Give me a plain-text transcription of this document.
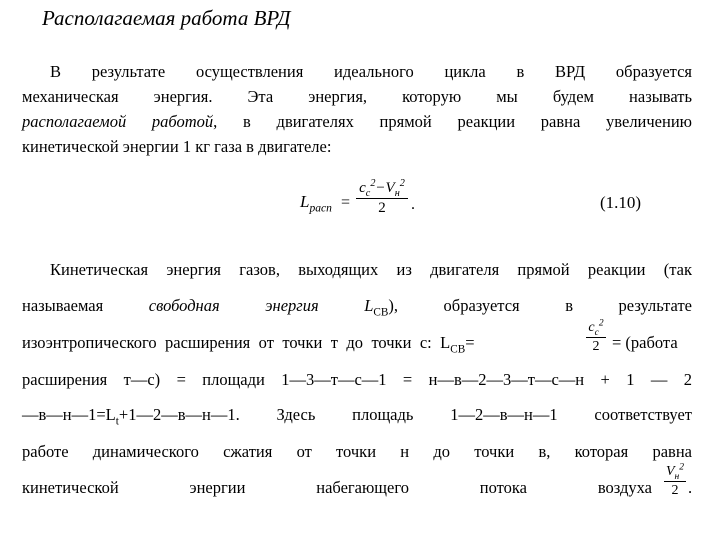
Располагаемая работа ВРД
В результате осуществления идеального цикла в ВРД образуется
механическая энергия. Эта энергия, которую мы будем называть
располагаемой работой, в двигателях прямой реакции равна увеличению
кинетической энергии 1 кг газа в двигателе:
$L_{расп}$ =
$c_c^2-V_н^2$
2	.	(1.10)
Кинетическая энергия газов, выходящих из двигателя прямой реакции (так
называемая	свободная	энергия	$L_{СВ}$),	образуется	в	результате
изоэнтропического расширения от точки т до точки с: $L_{СВ}=$
$c_c^2$
2 = (работа
расширения т—с) = площади 1—3—т—с—1 = н—в—2—3—т—с—н + 1 — 2
$—в—н—1=L_t+1—2—в—н—1$. Здесь площадь 1—2—в—н—1 соответствует
работе динамического сжатия от точки н до точки в, которая равна
кинетической	энергии	набегающего	потока	воздуха
$V_н^2$
2 .
